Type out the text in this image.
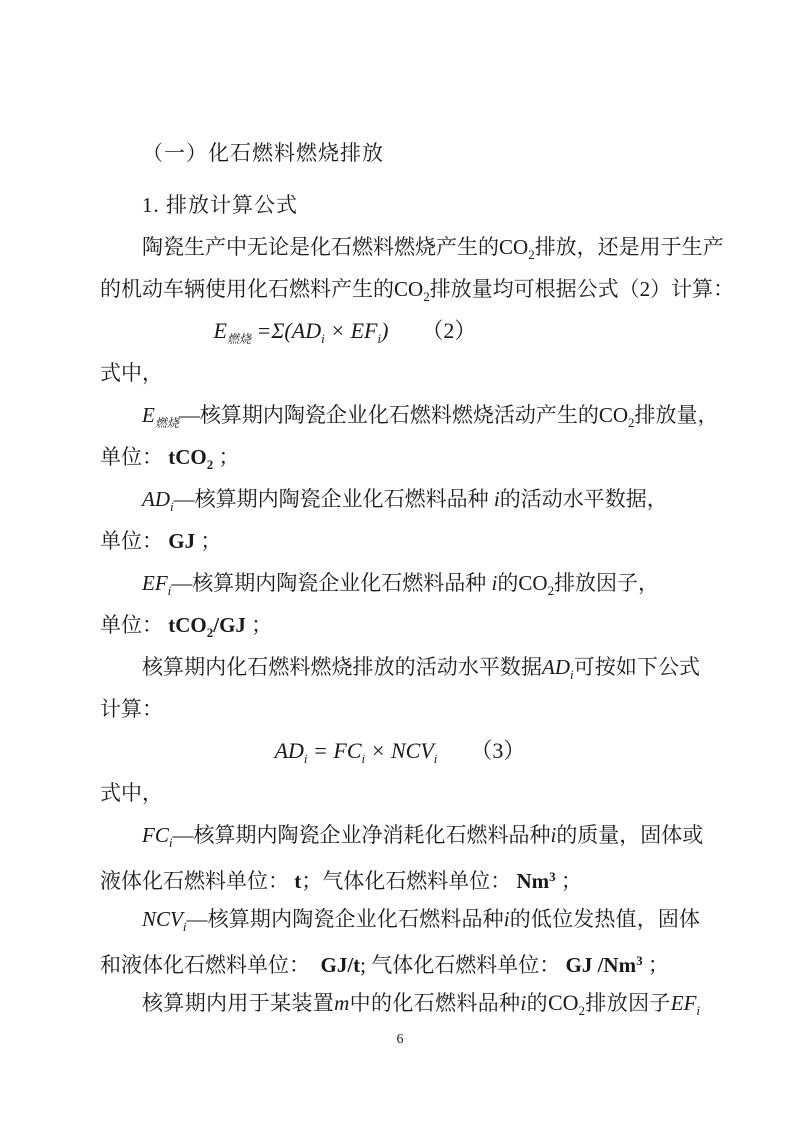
（一）化石燃料燃烧排放
1. 排放计算公式
陶瓷生产中无论是化石燃料燃烧产生的$CO_2$排放，还是用于生产
的机动车辆使用化石燃料产生的$CO_2$排放量均可根据公式（2）计算：
$E_{燃烧} =\Sigma(AD_i \times EF_i)$　　（2）
式中，
$E_{燃烧}—$核算期内陶瓷企业化石燃料燃烧活动产生的$CO_2$排放量，
单位： tCO$_2$ ；
$AD_i—$核算期内陶瓷企业化石燃料品种 i的活动水平数据，
单位： GJ ；
$EF_i—$核算期内陶瓷企业化石燃料品种 i的$CO_2$排放因子，
单位： tCO$_2$/GJ ；
核算期内化石燃料燃烧排放的活动水平数据$AD_i$可按如下公式
计算：
$AD_i = FC_i \times NCV_i$　　（3）
式中，
$FC_i—$核算期内陶瓷企业净消耗化石燃料品种i的质量，固体或
液体化石燃料单位： t；气体化石燃料单位： Nm$^3$ ；
$NCV_i—$核算期内陶瓷企业化石燃料品种i的低位发热值，固体
和液体化石燃料单位：　GJ/t; 气体化石燃料单位： GJ /Nm$^3$ ；
核算期内用于某装置m中的化石燃料品种i的$CO_2$排放因子$EF_i$
6
